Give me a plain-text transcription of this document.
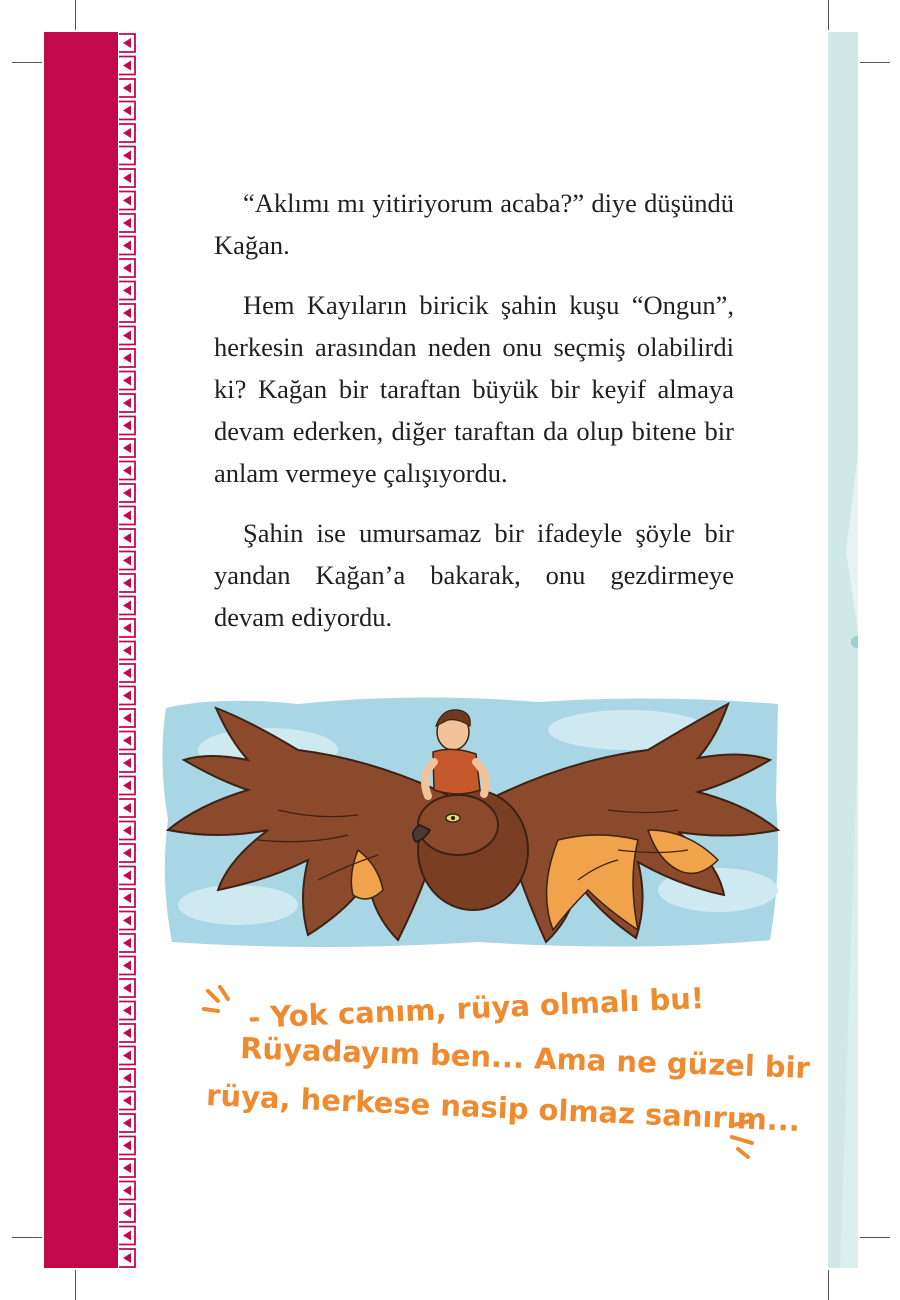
“Aklımı mı yitiriyorum acaba?” diye düşündü Kağan.

Hem Kayıların biricik şahin kuşu “Ongun”, herkesin arasından neden onu seçmiş olabilirdi ki? Kağan bir taraftan büyük bir keyif almaya devam ederken, diğer taraftan da olup bitene bir anlam vermeye çalışıyordu.

Şahin ise umursamaz bir ifadeyle şöyle bir yandan Kağan’a bakarak, onu gezdirmeye devam ediyordu.

- Yok canım, rüya olmalı bu!
Rüyadayım ben... Ama ne güzel bir
rüya, herkese nasip olmaz sanırım...
